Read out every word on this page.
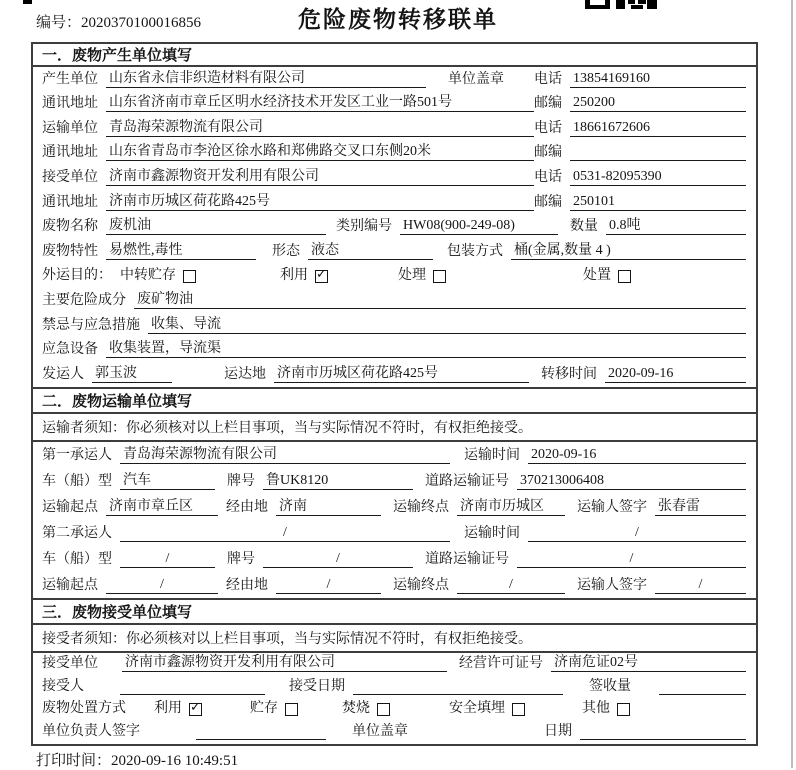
编号：2020370100016856	危险废物转移联单
一．废物产生单位填写
产生单位 山东省永信非织造材料有限公司	单位盖章 电话 13854169160
通讯地址 山东省济南市章丘区明水经济技术开发区工业一路501号	邮编 250200
运输单位 青岛海荣源物流有限公司	电话 18661672606
通讯地址 山东省青岛市李沧区徐水路和郑佛路交叉口东侧20米	邮编
接受单位 济南市鑫源物资开发利用有限公司	电话 0531-82095390
通讯地址 济南市历城区荷花路425号	邮编 250101
废物名称 废机油	类别编号 HW08(900-249-08)	数量 0.8吨
废物特性 易燃性,毒性	形态 液态	包装方式 桶(金属,数量 4 )
外运目的： 中转贮存	利用 ✓	处理	处置
主要危险成分 废矿物油
禁忌与应急措施 收集、导流
应急设备 收集装置，导流渠
发运人 郭玉波	运达地 济南市历城区荷花路425号	转移时间 2020-09-16
二．废物运输单位填写
运输者须知：你必须核对以上栏目事项，当与实际情况不符时，有权拒绝接受。
第一承运人 青岛海荣源物流有限公司	运输时间 2020-09-16
车（船）型 汽车	牌号 鲁UK8120	道路运输证号 370213006408
运输起点 济南市章丘区	经由地 济南	运输终点 济南市历城区	运输人签字 张春雷
第二承运人	/	运输时间	/
车（船）型	/	牌号	/	道路运输证号	/
运输起点	/	经由地	/	运输终点	/	运输人签字	/
三．废物接受单位填写
接受者须知：你必须核对以上栏目事项，当与实际情况不符时，有权拒绝接受。
接受单位 济南市鑫源物资开发利用有限公司	经营许可证号 济南危证02号
接受人	接受日期	签收量
废物处置方式 利用 ✓	贮存	焚烧	安全填埋	其他
单位负责人签字	单位盖章	日期
打印时间：2020-09-16 10:49:51
